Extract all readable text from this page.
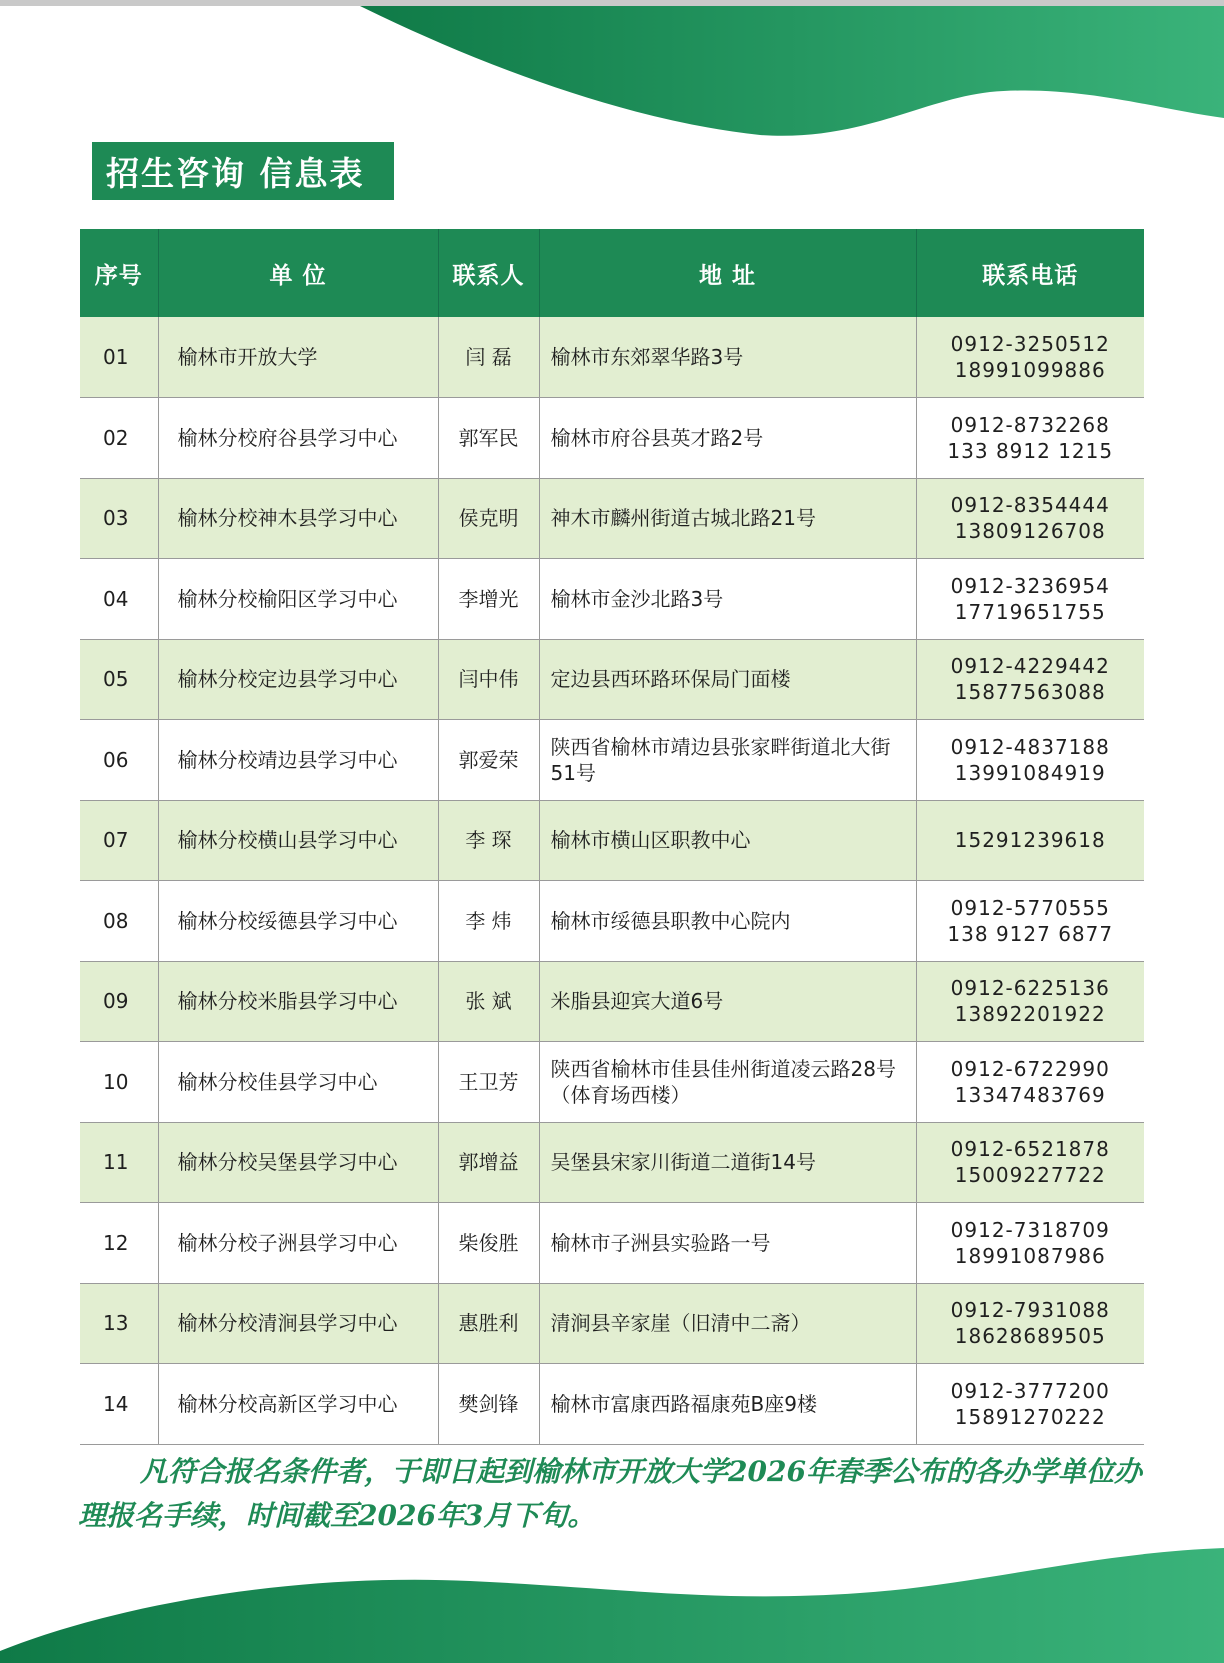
招生咨询 信息表
序号	单 位	联系人	地 址	联系电话
01	榆林市开放大学	闫 磊	榆林市东郊翠华路3号	0912-3250512
18991099886

02	榆林分校府谷县学习中心	郭军民	榆林市府谷县英才路2号	0912-8732268
133 8912 1215

03	榆林分校神木县学习中心	侯克明	神木市麟州街道古城北路21号	0912-8354444
13809126708

04	榆林分校榆阳区学习中心	李增光	榆林市金沙北路3号	0912-3236954
17719651755

05	榆林分校定边县学习中心	闫中伟	定边县西环路环保局门面楼	0912-4229442
15877563088

06	榆林分校靖边县学习中心	郭爱荣	陕西省榆林市靖边县张家畔街道北大街51号	0912-4837188
13991084919

07	榆林分校横山县学习中心	李 琛	榆林市横山区职教中心	15291239618

08	榆林分校绥德县学习中心	李 炜	榆林市绥德县职教中心院内	0912-5770555
138 9127 6877

09	榆林分校米脂县学习中心	张 斌	米脂县迎宾大道6号	0912-6225136
13892201922

10	榆林分校佳县学习中心	王卫芳	陕西省榆林市佳县佳州街道凌云路28号（体育场西楼）	0912-6722990
13347483769

11	榆林分校吴堡县学习中心	郭增益	吴堡县宋家川街道二道街14号	0912-6521878
15009227722

12	榆林分校子洲县学习中心	柴俊胜	榆林市子洲县实验路一号	0912-7318709
18991087986

13	榆林分校清涧县学习中心	惠胜利	清涧县辛家崖（旧清中二斋）	0912-7931088
18628689505

14	榆林分校高新区学习中心	樊剑锋	榆林市富康西路福康苑B座9楼	0912-3777200
15891270222
凡符合报名条件者，于即日起到榆林市开放大学2026年春季公布的各办学单位办理报名手续，时间截至2026年3月下旬。
